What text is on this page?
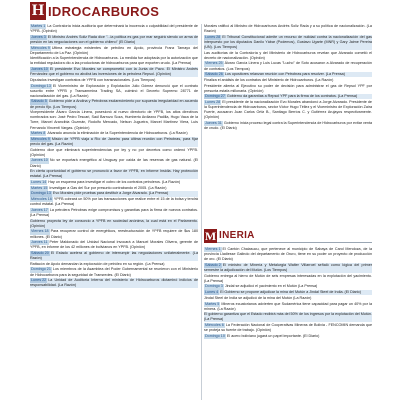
H IDROCARBUROS

Martes 1 La Contraloría inicia auditoría que determinará la inocencia o culpabilidad del presidente de YPFB. (Opinión)

Jueves 3 El Ministro Andrés Soliz Rada dice "...la política es gas por mar seguirá siendo un arma de presión en las negociaciones con el gobierno chileno" (El Diario)

Miércoles 9 Ultima estrategia existentes de petróleo en Apolo, provincia Franz Tamayo del Departamento de La Paz. (Opinión)

Identificación a la Superintendencia de Hidrocarburos. La medida fue adoptada por la autorización que la entidad reguladora dio a las productoras de hidrocarburos para que exporten crudo. (La Prensa)

Jueves 10 El presidente Evo Morales se comprometió con la Junta de Pavo. El Ministro Andrés Fernández que el gobierno no abolirá las inversiones de la petrolera Repsol. (Opinión)

Diputados investigan contratos de YPFB con transnacionales. (Los Tiempos)

Domingo 13 El Viceministro de Exploración y Explotación Julio Gómez denunció que el contrato suscrito entre YPFB y Transammina Trading SA, culminó el Decreto Supremo 28771 de nacionalización del gas. (La Razón)

Sábado 5 Gobierno pide a Andina y Petrobras esclarecimiento por supuesta irregularidad en acuerdo de precio fijo. (Los Tiempos)

Vicepresidente Álvaro García Linera, posesionó al nuevo directorio de YPFB, los altos directivos nombrados son: José Pedro Tescari, Saúl Barrozo Soza, Humberto Ardiaxxo Padilla, Hugo Vaca de la Torre, Marcel Arancibia Guzmán, Rodolfo Mercado, Nelson Jugueira, Marcel Martínez Viera, Luis Fernando Vincenti Vargas. (Opinión)

Martes 8 Alvarado anuncia la eliminación de la Superintendencia de Hidrocarburos. (La Razón)

Miércoles 9 Misión de YPFB viaja a Río de Janeiro para última reunión con Petrobras, para fijar precio del gas. (La Razón)

Gobierno dice que eliminará superintendencias por ley y no por decretos como ordenó YPFB. (Opinión)

Jueves 10 No se exportará energético al Uruguay por caída de las reservas de gas natural. (El Diario)

En cierta oportunidad el gobierno se pronunció a favor de YPFB, en informe Insidia. Hay protección estatal. (La Prensa)

Lunes 14 Hay un esquema para investigar el cobro de los contratos petroleros. (La Razón)

Martes 15 Investigan a Gas del Sur por presunto contrabando el 2005. (La Razón)

Domingo 13 Evo Morales pide pruebas para destituir a Jorge Alvarado. (La Prensa)

Miércoles 16 YPFB cobrará un 50% por las transacciones que realice entre el 15 de la bolsa y tendrá control estatal. (La Prensa)

Jueves 17 La petrolera Petrobras exige compromisos y garantías para la firma de nuevos contratos. (La Prensa)

Gobierno proyecta ley de consorcio a YPFB en sociedad anónima, la cual está en el Parlamento. (Opinión)

Viernes 18 Para recuperar control de energéticos, reestructuración de YPFB requiere de $us 180 millones. (El Diario)

Jueves 11 Peter Maldonado del Unidad Nacional invocará a Manuel Morales Olivera, gerente de YPFB, en informe de los 42 millones de bolivianos en YPFB. (Opinión)

Sábado 20 El Estado acelera al gobierno de interrumpir las negociaciones unilateralmente. (La Razón)

Rattacón de Apolo demandan la exploración de petróleo en su región. (La Prensa)

Domingo 21 Los miembros de la Asamblea del Poder Gubernamental se reunieron con el Ministerio de Hidrocarburos para la seguridad de Transredes. (El Diario)

Lunes 22 La Unidad de Auditoría Interna del ministerio de Hidrocarburos dictaminó indicios de responsabilidad. (La Razón)

Morales ratificó al Ministro de Hidrocarburos Andrés Soliz Rada y a su política de nacionalización. (La Razón)

Lunes 28 El Tribunal Constitucional admite un recurso de nulidad contra la nacionalización del gas interpuesto por los diputados Danilo Yábar (Podemos), Gustavo Ugarte (MNR) y Gary Jaime Pereira (UN). (Los Tiempos)

Las auditorías de la Contraloría y del Ministerio de Hidrocarburos revelan que Alvarado cometió el decreto de nacionalización. (Opinión)

Viernes 25 Álvaro García Linera y Luis Lucas "Lucho" de Soto acusaron a Alvarado de recuperación de contratos. (Los Tiempos)

Sábado 26 Los opositores relanzan reunión con Petrobras para resolver. (La Prensa)

Finaliza el análisis de los contratos del Ministerio de Hidrocarburos. (La Razón)

Presidente alienta al Ejecutivo su poder de decisión para administrar el gas de Repsol YPF por presunta estafa millonaria. (Opinión)

Domingo 27 Gobierno da garantías a Repsol YPF para la firma de los contratos. (La Prensa)

Lunes 28 El presidente de la nacionalización Evo Morales abandonó a Jorge Alvarado. Presidente de la Superintendencia de Hidrocarburos, sector Víctor Hugo Téllez y el Viceministro de Exploración Zaira Fuerte, acusaron Juan Carlos Ortiz B., Santiago Berríos C. y Gutiérrez Arujayos respectivamente. (Opinión)

Jueves 31 Gobierno inicia proceso legal contra la Superintendencia de Hidrocarburos por evitar venta de crudo. (El Diario)

M INERIA

Viernes 1 El Cantón Chaiasucu, que pertenece al municipio de Sabaya de Carol Mendoza, de la provincia Lladiesse Galindo del departamento de Oruro, tiene en su poder un proyecto de producción de oro. (El Diario)

Sábado 2 El ministro de Minería y Metalurgia Walter Villarroel señaló como lógica del primer semestre la adjudicación del Mutún. (Los Tiempos)

Gobierno entrega al hierro de Mutún de seis empresas interesadas en la explotación del yacimiento. (La Prensa)

Domingo 3 Jindal se adjudicó el yacimiento en el Mutún (La Prensa)

Lunes 4 El Gobierno se propone adjudicar la mina del Mutún a Jindal Steel de India. (El Diario)

Jindal Steel de India se adjudicó de la mina del Mutún (La Razón)

Martes 5 Mineros ecuatorianos advierten que Sudamérica tiene capacidad para pagar un 40% por la minera. (La Razón)

El gobierno garantiza que el Estado recibirá más del 50% de los ingresos por la explotación del Mutún. (La Prensa)

Miércoles 6 La Federación Nacional de Cooperativas Mineras de Bolivia - FENCOMIN demanda que se proteja su fuente de trabajo. (Opinión)

Domingo 10 El acero boliviano jugará un papel importante. (El Diario)
